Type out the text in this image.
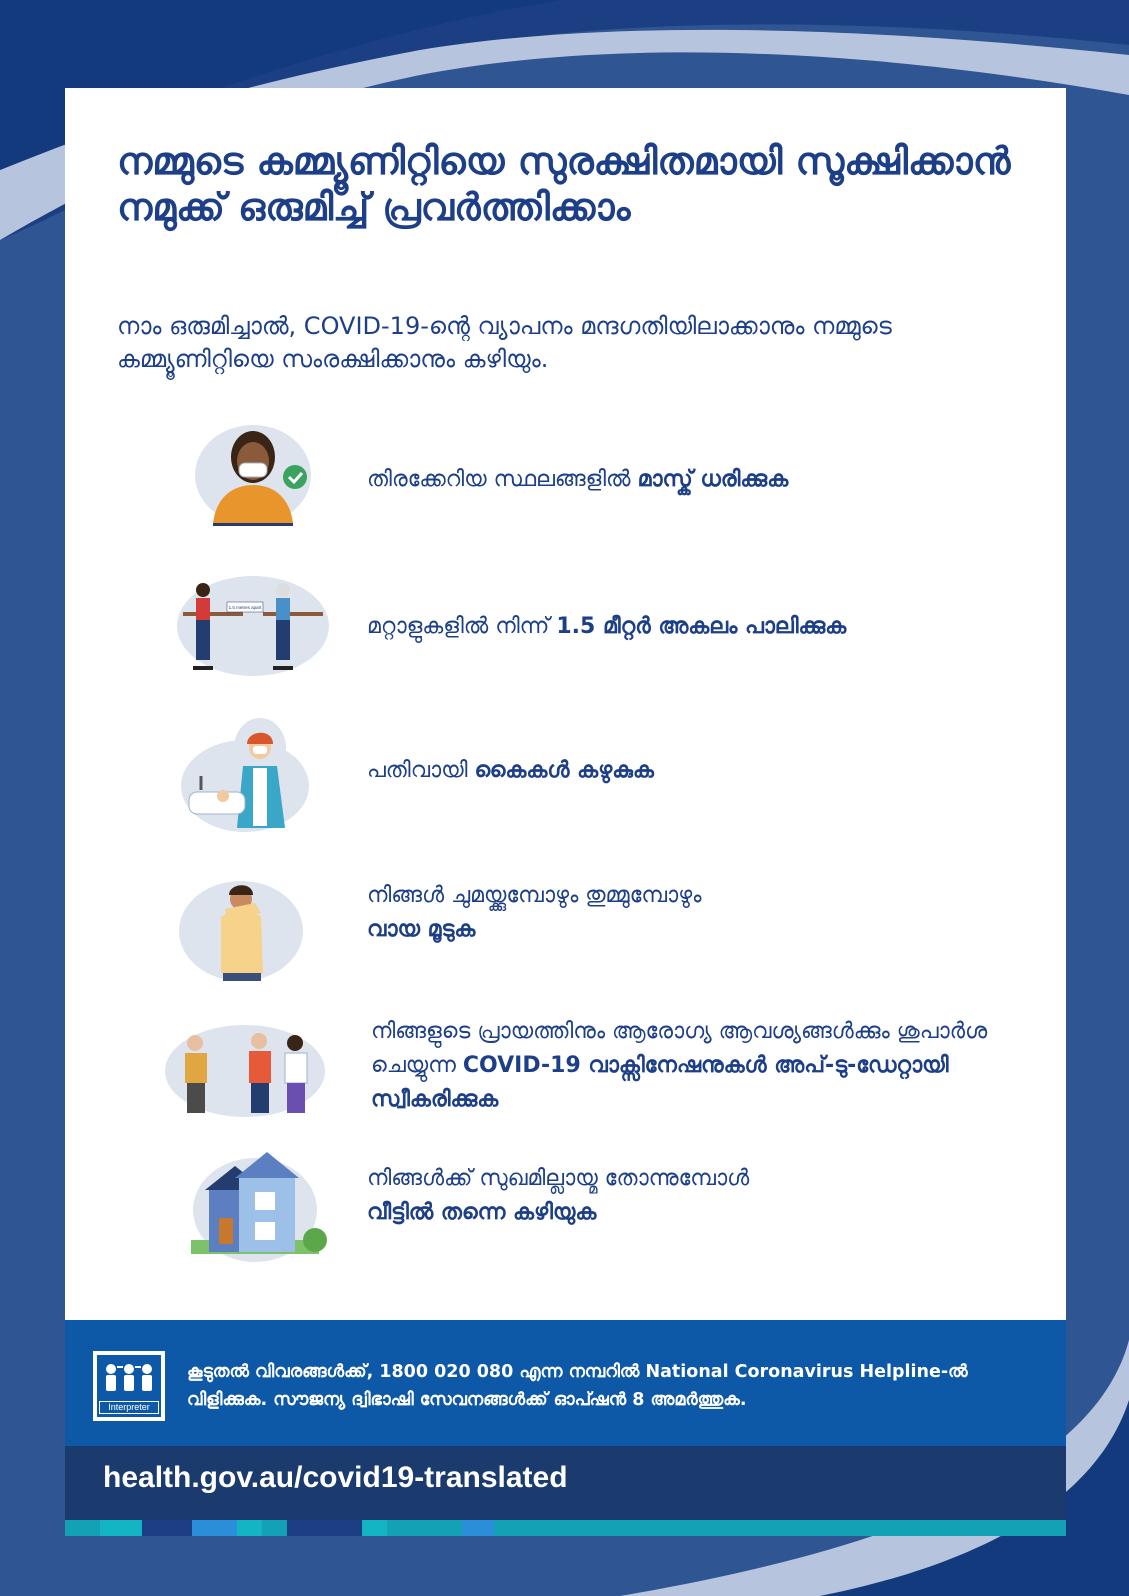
നമ്മുടെ കമ്മ്യൂണിറ്റിയെ സുരക്ഷിതമായി സൂക്ഷിക്കാൻ നമുക്ക് ഒരുമിച്ച് പ്രവർത്തിക്കാം

നാം ഒരുമിച്ചാൽ, COVID-19-ന്റെ വ്യാപനം മന്ദഗതിയിലാക്കാനും നമ്മുടെ കമ്മ്യൂണിറ്റിയെ സംരക്ഷിക്കാനും കഴിയും.

തിരക്കേറിയ സ്ഥലങ്ങളിൽ മാസ്ക് ധരിക്കുക
1.5 metres apart
മറ്റാളുകളിൽ നിന്ന് 1.5 മീറ്റർ അകലം പാലിക്കുക
പതിവായി കൈകൾ കഴുകുക
നിങ്ങൾ ചുമയ്ക്കുമ്പോഴും തുമ്മുമ്പോഴും
വായ മൂടുക
നിങ്ങളുടെ പ്രായത്തിനും ആരോഗ്യ ആവശ്യങ്ങൾക്കും ശുപാർശ ചെയ്യുന്ന COVID-19 വാക്സിനേഷനുകൾ അപ്-ടു-ഡേറ്റായി സ്വീകരിക്കുക
നിങ്ങൾക്ക് സുഖമില്ലായ്മ തോന്നുമ്പോൾ
വീട്ടിൽ തന്നെ കഴിയുക
Interpreter
കൂടുതൽ വിവരങ്ങൾക്ക്, 1800 020 080 എന്ന നമ്പറിൽ National Coronavirus Helpline-ൽ വിളിക്കുക. സൗജന്യ ദ്വിഭാഷി സേവനങ്ങൾക്ക് ഓപ്ഷൻ 8 അമർത്തുക.
health.gov.au/covid19-translated
